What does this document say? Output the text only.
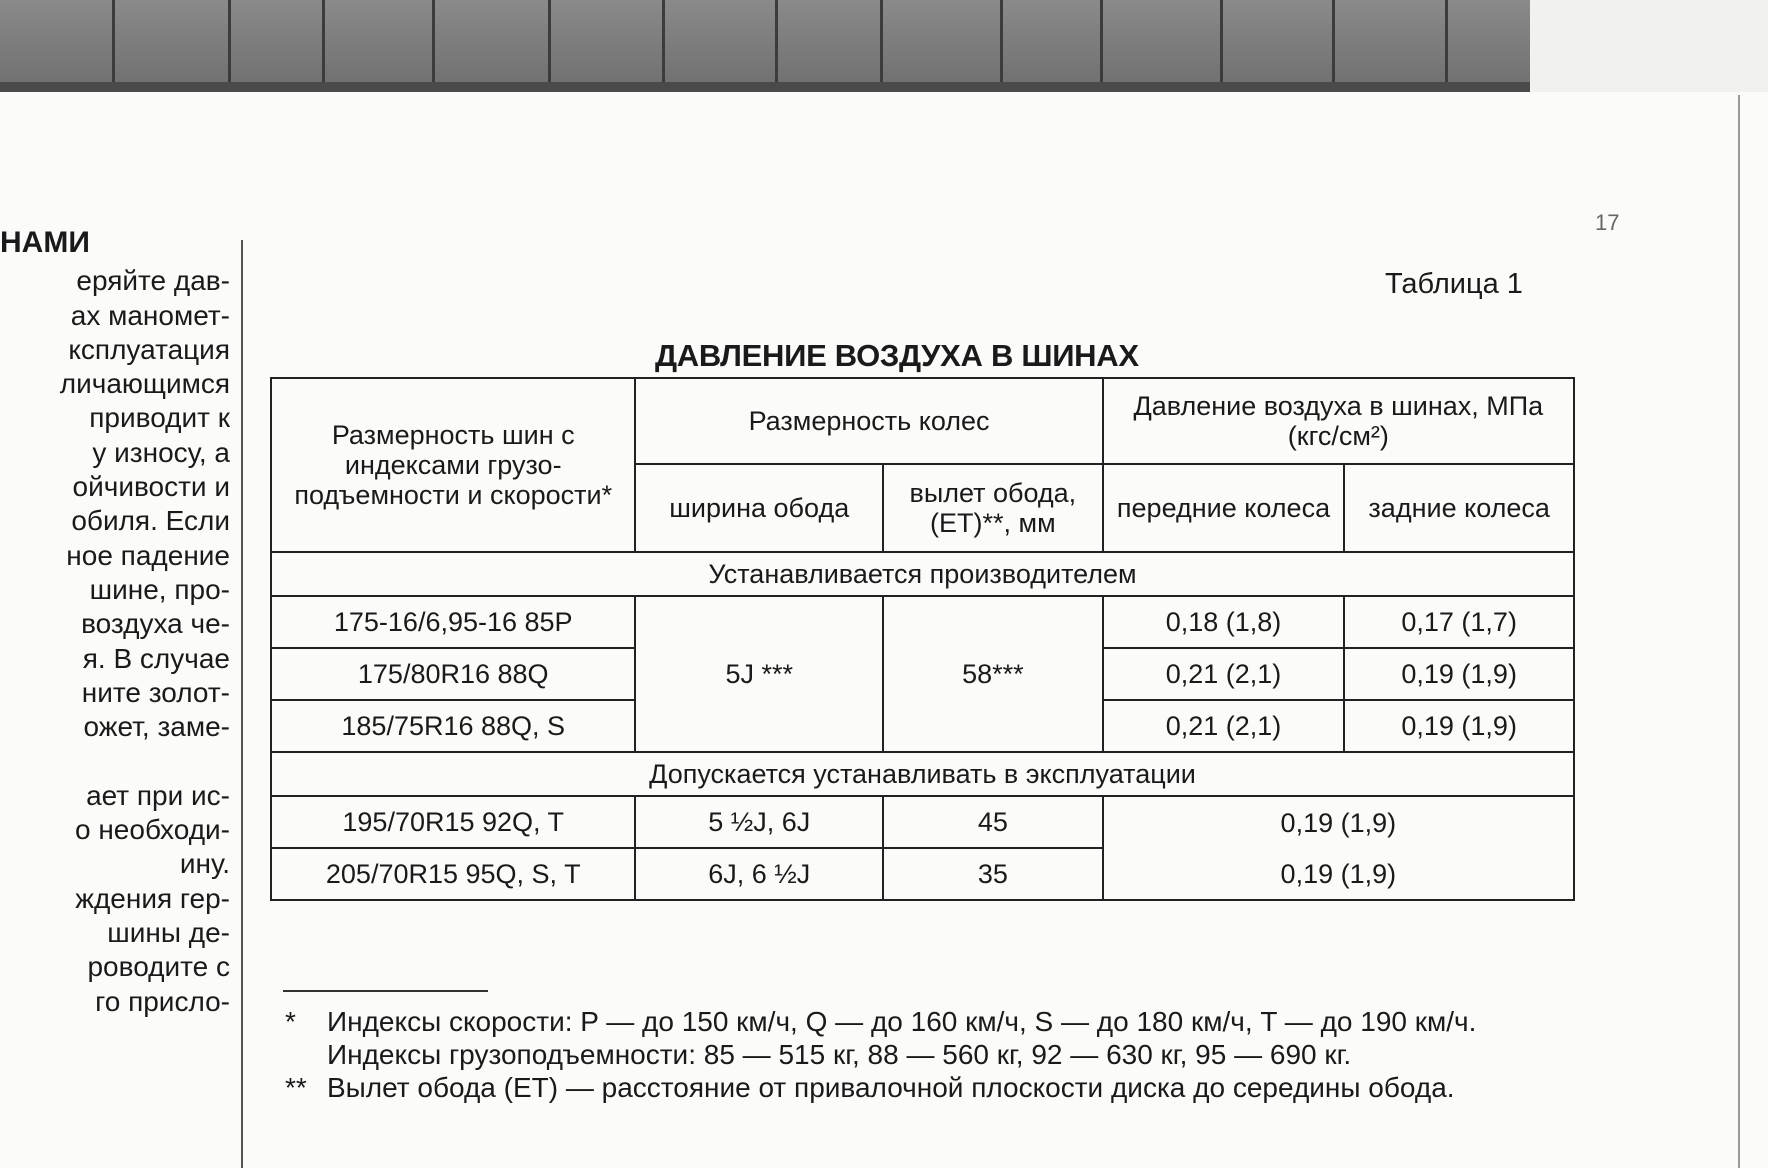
17
НАМИ
еряйте дав-
ах маномет-
ксплуатация
личающимся
приводит к
у износу, а
ойчивости и
обиля. Если
ное падение
шине, про-
воздуха че-
я. В случае
ните золот-
ожет, заме-

ает при ис-
о необходи-
ину.
ждения гер-
шины де-
роводите с
го присло-
Таблица 1
ДАВЛЕНИЕ ВОЗДУХА В ШИНАХ
Размерность шин с индексами грузо-подъемности и скорости*	Размерность колес		Давление воздуха в шинах, МПа (кгс/см²)	
	ширина обода	вылет обода, (ET)**, мм	передние колеса	задние колеса
Устанавливается производителем				
175-16/6,95-16 85P	5J ***	58***	0,18 (1,8)	0,17 (1,7)
175/80R16 88Q			0,21 (2,1)	0,19 (1,9)
185/75R16 88Q, S			0,21 (2,1)	0,19 (1,9)
Допускается устанавливать в эксплуатации				
195/70R15 92Q, T	5 ½J, 6J	45	0,19 (1,9)	
205/70R15 95Q, S, T	6J, 6 ½J	35	0,19 (1,9)	
* Индексы скорости: P — до 150 км/ч, Q — до 160 км/ч, S — до 180 км/ч, T — до 190 км/ч.
Индексы грузоподъемности: 85 — 515 кг, 88 — 560 кг, 92 — 630 кг, 95 — 690 кг.
** Вылет обода (ET) — расстояние от привалочной плоскости диска до середины обода.
